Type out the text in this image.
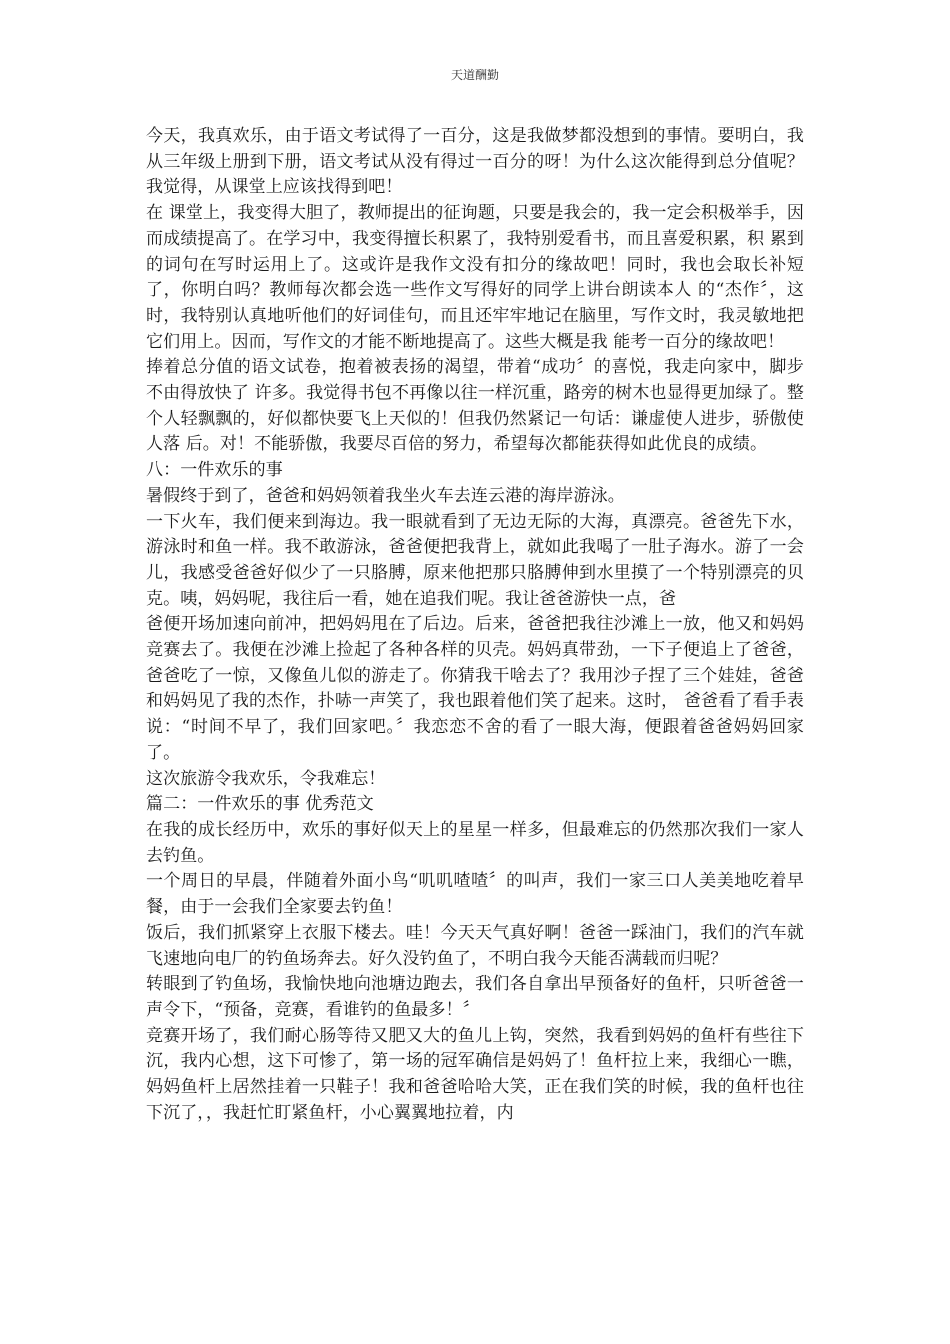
天道酬勤

今天，我真欢乐，由于语文考试得了一百分，这是我做梦都没想到的事情。要明白，我从三年级上册到下册，语文考试从没有得过一百分的呀！为什么这次能得到总分值呢？我觉得，从课堂上应该找得到吧！

在 课堂上，我变得大胆了，教师提出的征询题，只要是我会的，我一定会积极举手，因而成绩提高了。在学习中，我变得擅长积累了，我特别爱看书，而且喜爱积累，积 累到的词句在写时运用上了。这或许是我作文没有扣分的缘故吧！同时，我也会取长补短了，你明白吗？教师每次都会选一些作文写得好的同学上讲台朗读本人 的“杰作〞，这时，我特别认真地听他们的好词佳句，而且还牢牢地记在脑里，写作文时，我灵敏地把它们用上。因而，写作文的才能不断地提高了。这些大概是我 能考一百分的缘故吧！

捧着总分值的语文试卷，抱着被表扬的渴望，带着“成功〞的喜悦，我走向家中，脚步不由得放快了 许多。我觉得书包不再像以往一样沉重，路旁的树木也显得更加绿了。整个人轻飘飘的，好似都快要飞上天似的！但我仍然紧记一句话：谦虚使人进步，骄傲使人落 后。对！不能骄傲，我要尽百倍的努力，希望每次都能获得如此优良的成绩。

八：一件欢乐的事

暑假终于到了，爸爸和妈妈领着我坐火车去连云港的海岸游泳。

一下火车，我们便来到海边。我一眼就看到了无边无际的大海，真漂亮。爸爸先下水，游泳时和鱼一样。我不敢游泳，爸爸便把我背上，就如此我喝了一肚子海水。游了一会儿，我感受爸爸好似少了一只胳膊，原来他把那只胳膊伸到水里摸了一个特别漂亮的贝克。咦，妈妈呢，我往后一看，她在追我们呢。我让爸爸游快一点，爸

爸便开场加速向前冲，把妈妈甩在了后边。后来，爸爸把我往沙滩上一放，他又和妈妈竞赛去了。我便在沙滩上捡起了各种各样的贝壳。妈妈真带劲，一下子便追上了爸爸，爸爸吃了一惊，又像鱼儿似的游走了。你猜我干啥去了？我用沙子捏了三个娃娃，爸爸和妈妈见了我的杰作，扑哧一声笑了，我也跟着他们笑了起来。这时， 爸爸看了看手表说：“时间不早了，我们回家吧。〞我恋恋不舍的看了一眼大海，便跟着爸爸妈妈回家了。

这次旅游令我欢乐，令我难忘！

篇二：一件欢乐的事 优秀范文

在我的成长经历中，欢乐的事好似天上的星星一样多，但最难忘的仍然那次我们一家人去钓鱼。

一个周日的早晨，伴随着外面小鸟“叽叽喳喳〞的叫声，我们一家三口人美美地吃着早餐，由于一会我们全家要去钓鱼！

饭后，我们抓紧穿上衣服下楼去。哇！今天天气真好啊！爸爸一踩油门，我们的汽车就飞速地向电厂的钓鱼场奔去。好久没钓鱼了，不明白我今天能否满载而归呢？

转眼到了钓鱼场，我愉快地向池塘边跑去，我们各自拿出早预备好的鱼杆，只听爸爸一声令下，“预备，竞赛，看谁钓的鱼最多！〞

竞赛开场了，我们耐心肠等待又肥又大的鱼儿上钩，突然，我看到妈妈的鱼杆有些往下沉，我内心想，这下可惨了，第一场的冠军确信是妈妈了！鱼杆拉上来，我细心一瞧，妈妈鱼杆上居然挂着一只鞋子！我和爸爸哈哈大笑，正在我们笑的时候，我的鱼杆也往下沉了，，我赶忙盯紧鱼杆，小心翼翼地拉着，内
